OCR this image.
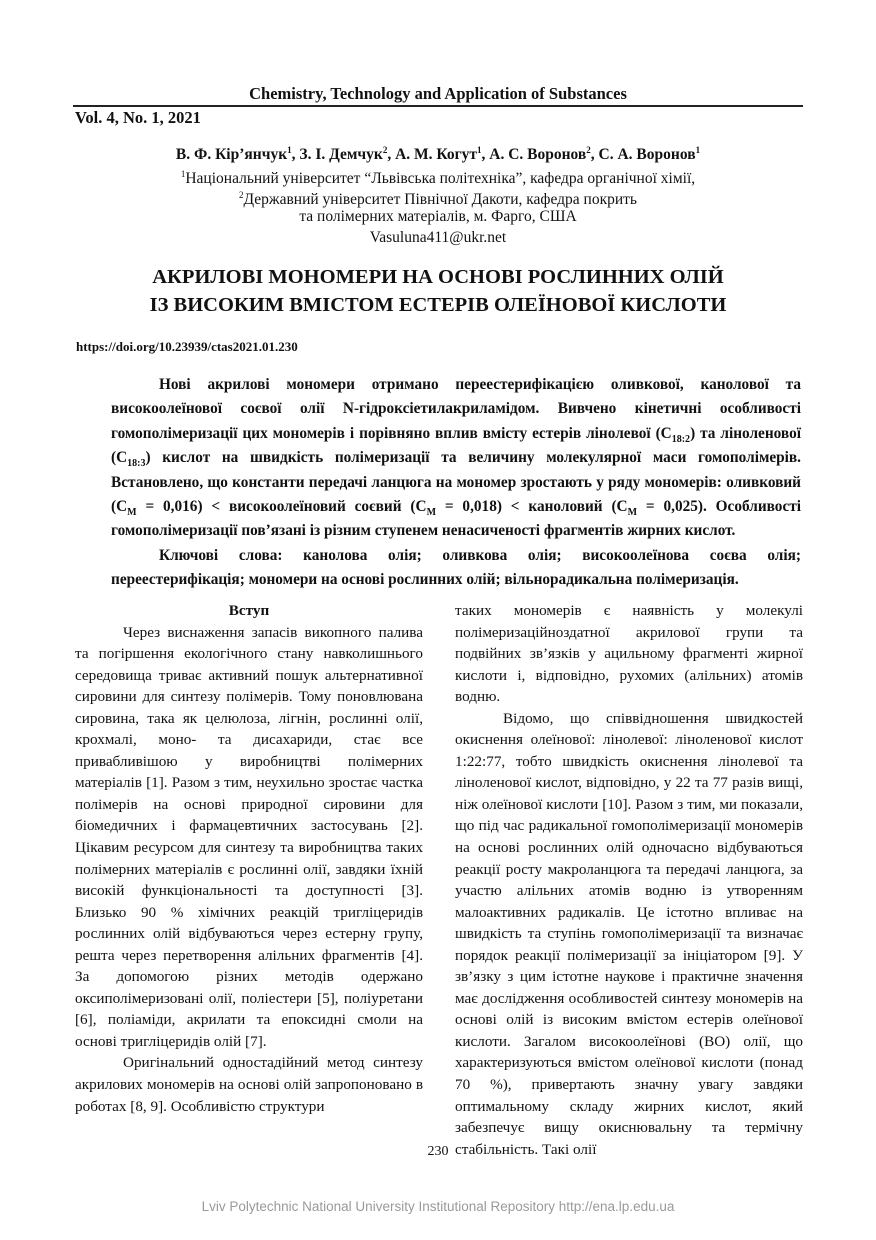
Chemistry, Technology and Application of Substances
Vol. 4, No. 1, 2021
В. Ф. Кір’янчук$^1$, З. І. Демчук$^2$, А. М. Когут$^1$, А. С. Воронов$^2$, С. А. Воронов$^1$
$^1$Національний університет “Львівська політехніка”, кафедра органічної хімії,
$^2$Державний університет Північної Дакоти, кафедра покрить
та полімерних матеріалів, м. Фарго, США
Vasuluna411@ukr.net
АКРИЛОВІ МОНОМЕРИ НА ОСНОВІ РОСЛИННИХ ОЛІЙ
ІЗ ВИСОКИМ ВМІСТОМ ЕСТЕРІВ ОЛЕЇНОВОЇ КИСЛОТИ
https://doi.org/10.23939/ctas2021.01.230

Нові акрилові мономери отримано переестерифікацією оливкової, канолової та високоолеїнової соєвої олії N-гідроксіетилакриламідом. Вивчено кінетичні особливості гомополімеризації цих мономерів і порівняно вплив вмісту естерів лінолевої $(C_{18:2})$ та ліноленової $(C_{18:3})$ кислот на швидкість полімеризації та величину молекулярної маси гомополімерів. Встановлено, що константи передачі ланцюга на мономер зростають у ряду мономерів: оливковий $(C_M = 0,016)$ < високоолеїновий соєвий $(C_M = 0,018)$ < каноловий $(C_M = 0,025)$. Особливості гомополімеризації пов’язані із різним ступенем ненасиченості фрагментів жирних кислот.

Ключові слова: канолова олія; оливкова олія; високоолеїнова соєва олія; переестерифікація; мономери на основі рослинних олій; вільнорадикальна полімеризація.

Вступ

Через виснаження запасів викопного палива та погіршення екологічного стану навколишнього середовища триває активний пошук альтернативної сировини для синтезу полімерів. Тому поновлювана сировина, така як целюлоза, лігнін, рослинні олії, крохмалі, моно- та дисахариди, стає все привабливішою у виробництві полімерних матеріалів [1]. Разом з тим, неухильно зростає частка полімерів на основі природної сировини для біомедичних і фармацевтичних застосувань [2]. Цікавим ресурсом для синтезу та виробництва таких полімерних матеріалів є рослинні олії, завдяки їхній високій функціональності та доступності [3]. Близько 90 % хімічних реакцій тригліцеридів рослинних олій відбуваються через естерну групу, решта через перетворення алільних фрагментів [4]. За допомогою різних методів одержано оксиполімеризовані олії, поліестери [5], поліуретани [6], поліаміди, акрилати та епоксидні смоли на основі тригліцеридів олій [7].

Оригінальний одностадійний метод синтезу акрилових мономерів на основі олій запропоновано в роботах [8, 9]. Особливістю структури

таких мономерів є наявність у молекулі полімеризаційноздатної акрилової групи та подвійних зв’язків у ацильному фрагменті жирної кислоти і, відповідно, рухомих (алільних) атомів водню.

Відомо, що співвідношення швидкостей окиснення олеїнової: лінолевої: ліноленової кислот 1:22:77, тобто швидкість окиснення лінолевої та ліноленової кислот, відповідно, у 22 та 77 разів вищі, ніж олеїнової кислоти [10]. Разом з тим, ми показали, що під час радикальної гомополімеризації мономерів на основі рослинних олій одночасно відбуваються реакції росту макроланцюга та передачі ланцюга, за участю алільних атомів водню із утворенням малоактивних радикалів. Це істотно впливає на швидкість та ступінь гомополімеризації та визначає порядок реакції полімеризації за ініціатором [9]. У зв’язку з цим істотне наукове і практичне значення має дослідження особливостей синтезу мономерів на основі олій із високим вмістом естерів олеїнової кислоти. Загалом високоолеїнові (ВО) олії, що характеризуються вмістом олеїнової кислоти (понад 70 %), привертають значну увагу завдяки оптимальному складу жирних кислот, який забезпечує вищу окиснювальну та термічну стабільність. Такі олії

230
Lviv Polytechnic National University Institutional Repository http://ena.lp.edu.ua
